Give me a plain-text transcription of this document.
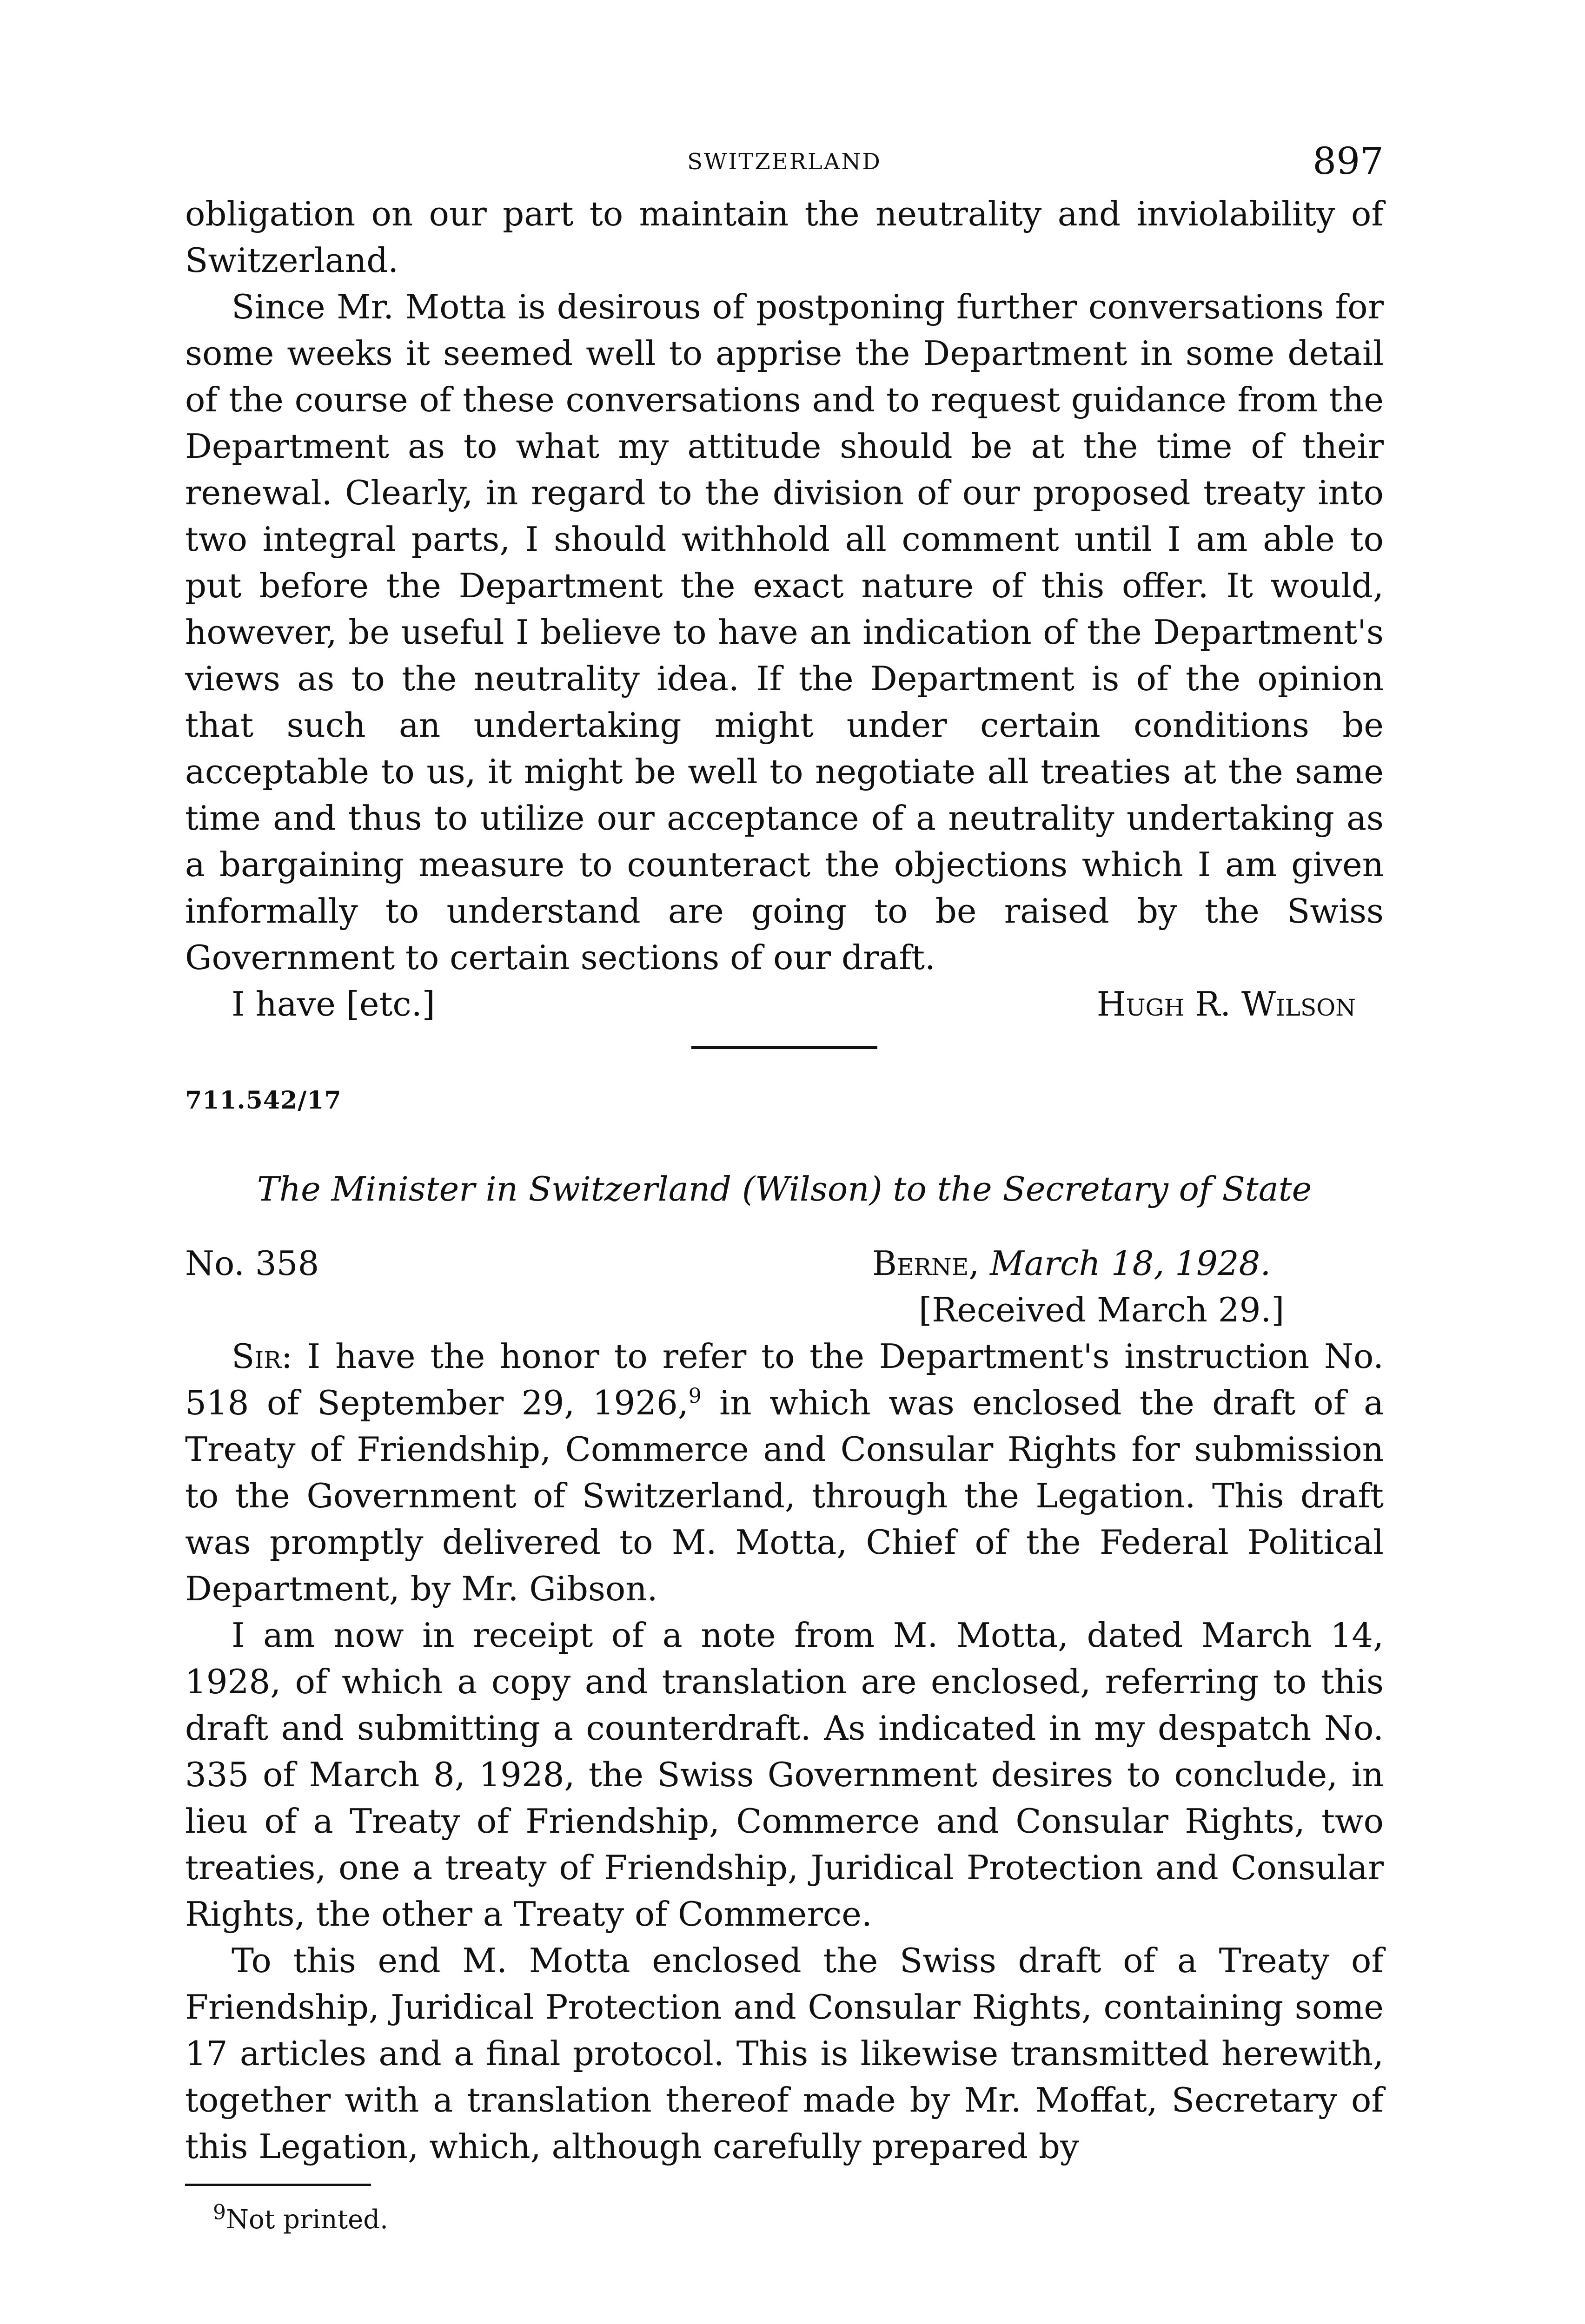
SWITZERLAND	897

obligation on our part to maintain the neutrality and inviolability of Switzerland.

Since Mr. Motta is desirous of postponing further conversations for some weeks it seemed well to apprise the Department in some detail of the course of these conversations and to request guidance from the Department as to what my attitude should be at the time of their renewal. Clearly, in regard to the division of our proposed treaty into two integral parts, I should withhold all comment until I am able to put before the Department the exact nature of this offer. It would, however, be useful I believe to have an indication of the Department's views as to the neutrality idea. If the Department is of the opinion that such an undertaking might under certain conditions be acceptable to us, it might be well to negotiate all treaties at the same time and thus to utilize our acceptance of a neutrality undertaking as a bargaining measure to counteract the objections which I am given informally to understand are going to be raised by the Swiss Government to certain sections of our draft.

I have [etc.]	Hugh R. Wilson
711.542/17
The Minister in Switzerland (Wilson) to the Secretary of State
No. 358	Berne, March 18, 1928.
[Received March 29.]

Sir: I have the honor to refer to the Department's instruction No. 518 of September 29, 1926,$^9$ in which was enclosed the draft of a Treaty of Friendship, Commerce and Consular Rights for submission to the Government of Switzerland, through the Legation. This draft was promptly delivered to M. Motta, Chief of the Federal Political Department, by Mr. Gibson.

I am now in receipt of a note from M. Motta, dated March 14, 1928, of which a copy and translation are enclosed, referring to this draft and submitting a counterdraft. As indicated in my despatch No. 335 of March 8, 1928, the Swiss Government desires to conclude, in lieu of a Treaty of Friendship, Commerce and Consular Rights, two treaties, one a treaty of Friendship, Juridical Protection and Consular Rights, the other a Treaty of Commerce.

To this end M. Motta enclosed the Swiss draft of a Treaty of Friendship, Juridical Protection and Consular Rights, containing some 17 articles and a final protocol. This is likewise transmitted herewith, together with a translation thereof made by Mr. Moffat, Secretary of this Legation, which, although carefully prepared by

$^9$Not printed.
